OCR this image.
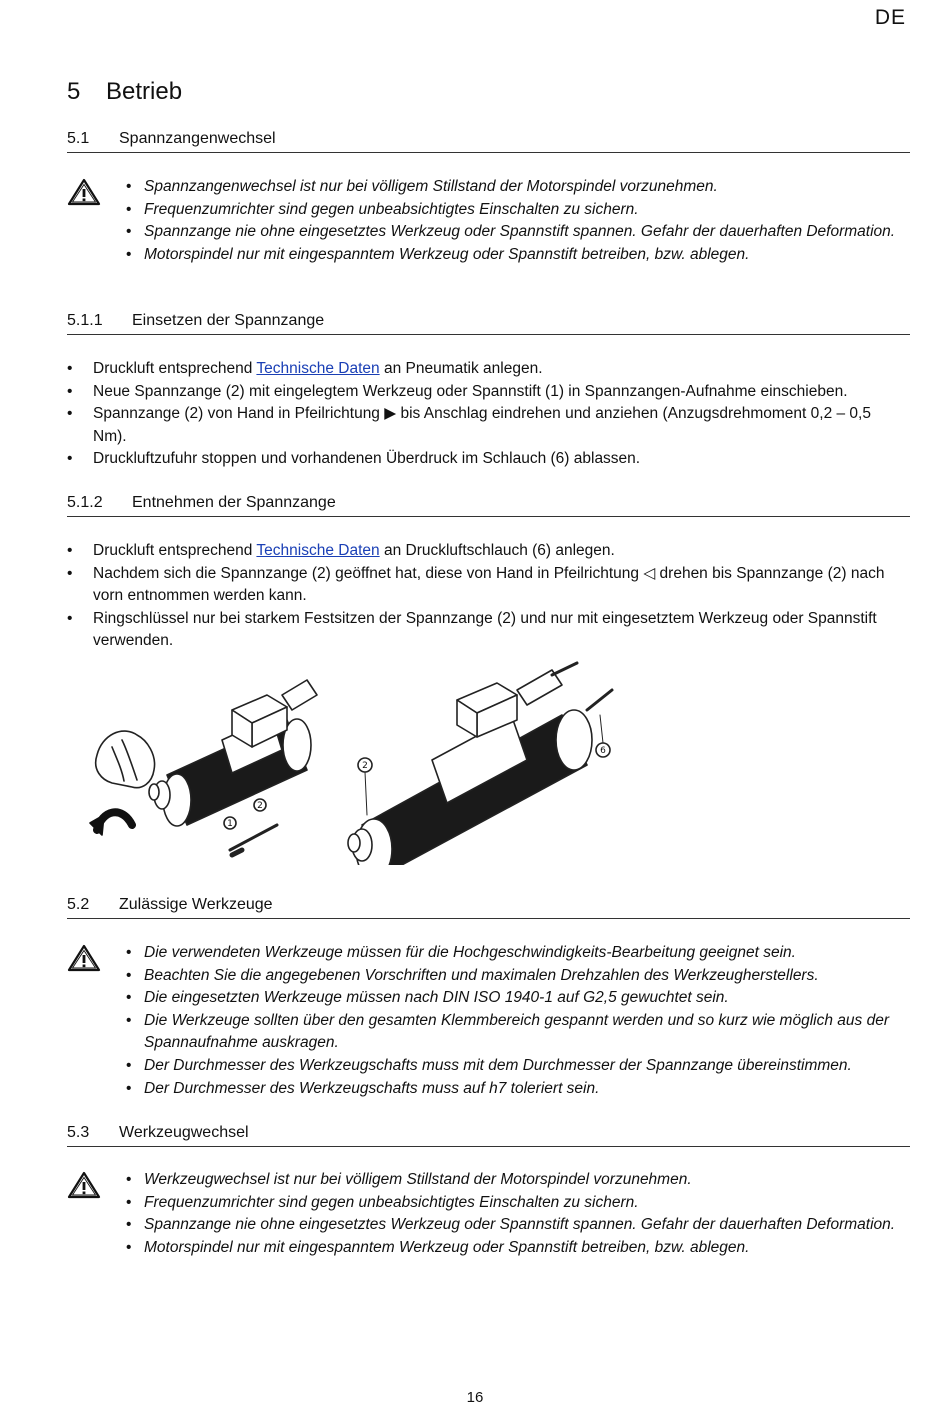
DE
5 Betrieb
5.1 Spannzangenwechsel
• Spannzangenwechsel ist nur bei völligem Stillstand der Motorspindel vorzunehmen.
• Frequenzumrichter sind gegen unbeabsichtigtes Einschalten zu sichern.
• Spannzange nie ohne eingesetztes Werkzeug oder Spannstift spannen. Gefahr der dauerhaften Deformation.
• Motorspindel nur mit eingespanntem Werkzeug oder Spannstift betreiben, bzw. ablegen.
5.1.1 Einsetzen der Spannzange
• Druckluft entsprechend Technische Daten an Pneumatik anlegen.
• Neue Spannzange (2) mit eingelegtem Werkzeug oder Spannstift (1) in Spannzangen-Aufnahme einschieben.
• Spannzange (2) von Hand in Pfeilrichtung ▶ bis Anschlag eindrehen und anziehen (Anzugsdrehmoment 0,2 – 0,5 Nm).
• Druckluftzufuhr stoppen und vorhandenen Überdruck im Schlauch (6) ablassen.
5.1.2 Entnehmen der Spannzange
• Druckluft entsprechend Technische Daten an Druckluftschlauch (6) anlegen.
• Nachdem sich die Spannzange (2) geöffnet hat, diese von Hand in Pfeilrichtung ◁ drehen bis Spannzange (2) nach vorn entnommen werden kann.
• Ringschlüssel nur bei starkem Festsitzen der Spannzange (2) und nur mit eingesetztem Werkzeug oder Spannstift verwenden.
1
2
2
6
5.2 Zulässige Werkzeuge
• Die verwendeten Werkzeuge müssen für die Hochgeschwindigkeits-Bearbeitung geeignet sein.
• Beachten Sie die angegebenen Vorschriften und maximalen Drehzahlen des Werkzeugherstellers.
• Die eingesetzten Werkzeuge müssen nach DIN ISO 1940-1 auf G2,5 gewuchtet sein.
• Die Werkzeuge sollten über den gesamten Klemmbereich gespannt werden und so kurz wie möglich aus der Spannaufnahme auskragen.
• Der Durchmesser des Werkzeugschafts muss mit dem Durchmesser der Spannzange übereinstimmen.
• Der Durchmesser des Werkzeugschafts muss auf h7 toleriert sein.
5.3 Werkzeugwechsel
• Werkzeugwechsel ist nur bei völligem Stillstand der Motorspindel vorzunehmen.
• Frequenzumrichter sind gegen unbeabsichtigtes Einschalten zu sichern.
• Spannzange nie ohne eingesetztes Werkzeug oder Spannstift spannen. Gefahr der dauerhaften Deformation.
• Motorspindel nur mit eingespanntem Werkzeug oder Spannstift betreiben, bzw. ablegen.
16
